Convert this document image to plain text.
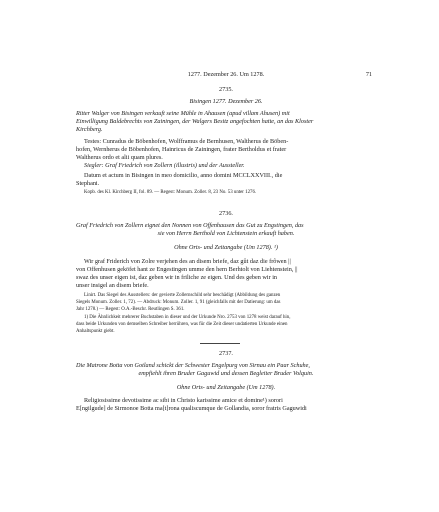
1277. Dezember 26. Um 1278.	71
2735.
Bisingen 1277. Dezember 26.
Ritter Walger von Bisingen verkauft seine Mühle in Ahausen (apud villam Ahusen) mit
Einwilligung Baldebrechts von Zainingen, der Walgers Besitz angefochten hatte, an das Kloster
Kirchberg.
Testes: Cunradus de Böbenhofen, Wolfframus de Bernhusen, Waltherus de Böben-
hofen, Wernherus de Böbenhofen, Hainricus de Zainingen, frater Bertholdus et frater
Waltherus ordo et alii quam plures.
Siegler: Graf Friedrich von Zollern (illustris) und der Aussteller.
Datum et actum in Bisingen in meo domicilio, anno domini MCCLXXVIII., die
Stephani.
Kopb. des Kl. Kirchberg II, fol. 89. — Regest: Monum. Zoller. 8, 23 No. 53 unter 1276.
2736.
Graf Friedrich von Zollern eignet den Nonnen von Offenhausen das Gut zu Engstingen, das
sie von Herrn Berthold von Lichtenstein erkauft haben.
Ohne Orts- und Zeitangabe (Um 1278). ¹)
Wir graf Friderich von Zolre verjehen des an disem briefe, daz gût daz die frôwen ||
von Offenhusen geköfet hant ze Engestingen umme den hern Berhtolt von Liehtenstein, ||
swaz des unser eigen ist, daz geben wir in friliche ze eigen. Und des geben wir in
unser insigel an disem briefe.
Linirt. Das Siegel des Ausstellers: der gevierte Zollernschild sehr beschädigt (Abbildung des ganzen
Siegels Monum. Zoller. 1, 72). — Abdruck: Monum. Zoller. 1, 91 (gleichfalls mit der Datierung: um das
Jahr 1278.) — Regest: O.A.-Beschr. Reutlingen S. 361.
1) Die Ähnlichkeit mehrerer Buchstaben in dieser und der Urkunde Nro. 2753 von 1278 weist darauf hin,
dass beide Urkunden von demselben Schreiber herrühren, was für die Zeit dieser undatierten Urkunde einen
Anhaltspunkt giebt.
2737.
Die Matrone Botta von Gotland schickt der Schwester Engelpurg von Sirnau ein Paar Schuhe,
empfiehlt ihren Bruder Gaguwid und dessen Begleiter Bruder Volquin.
Ohne Orts- und Zeitangabe (Um 1278).
Religiosissime devotissime ac sibi in Christo karissime amice et domine¹) sorori
E[ngilgude] de Sirmonoe Botta ma[t]rona qualiscumque de Gollandia, soror fratris Gaguwidi
